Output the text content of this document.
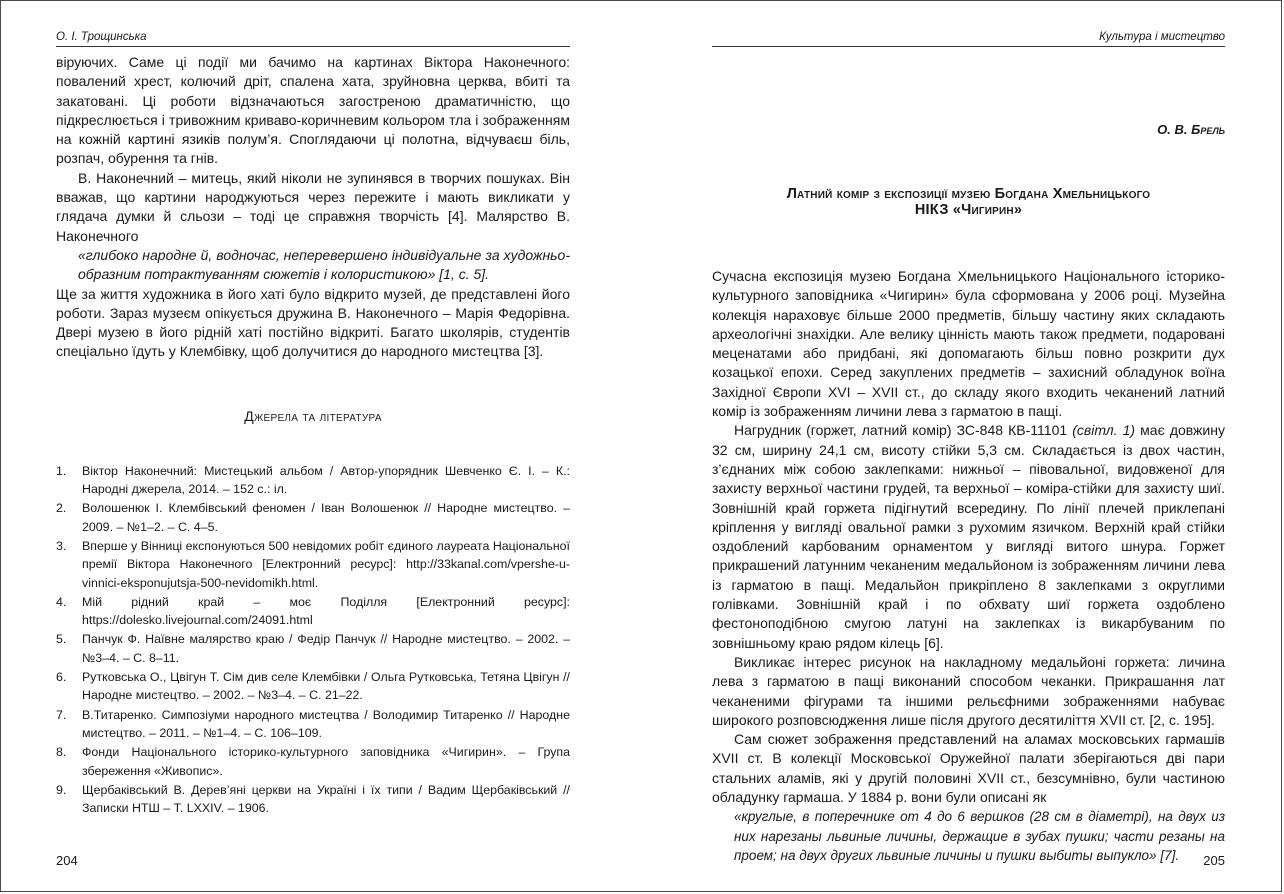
О. І. Трощинська

віруючих. Саме ці події ми бачимо на картинах Віктора Наконечного: повалений хрест, колючий дріт, спалена хата, зруйновна церква, вбиті та закатовані. Ці роботи відзначаються загостреною драматичністю, що підкреслюється і тривожним криваво-коричневим кольором тла і зображенням на кожній картині язиків полум’я. Споглядаючи ці полотна, відчуваєш біль, розпач, обурення та гнів.

В. Наконечний – митець, який ніколи не зупинявся в творчих пошуках. Він вважав, що картини народжуються через пережите і мають викликати у глядача думки й сльози – тоді це справжня творчість [4]. Малярство В. Наконечного

«глибоко народне й, водночас, неперевершено індивідуальне за художньо-образним потрактуванням сюжетів і колористикою» [1, с. 5].

Ще за життя художника в його хаті було відкрито музей, де представлені його роботи. Зараз музеєм опікується дружина В. Наконечного – Марія Федорівна. Двері музею в його рідній хаті постійно відкриті. Багато школярів, студентів спеціально їдуть у Клембівку, щоб долучитися до народного мистецтва [3].

Джерела та література
1.	Віктор Наконечний: Мистецький альбом / Автор-упорядник Шевченко Є. І. – К.: Народні джерела, 2014. – 152 с.: іл.
2.	Волошенюк І. Клембівський феномен / Іван Волошенюк // Народне мистецтво. – 2009. – №1–2. – С. 4–5.
3.	Вперше у Вінниці експонуються 500 невідомих робіт єдиного лауреата Національної премії Віктора Наконечного [Електронний ресурс]: http://33kanal.com/vpershe-u-vinnici-eksponujutsja-500-nevidomikh.html.
4.	Мій рідний край – моє Поділля [Електронний ресурс]: https://dolesko.livejournal.com/24091.html
5.	Панчук Ф. Наївне малярство краю / Федір Панчук // Народне мистецтво. – 2002. – №3–4. – С. 8–11.
6.	Рутковська О., Цвігун Т. Сім див селе Клембівки / Ольга Рутковська, Тетяна Цвігун // Народне мистецтво. – 2002. – №3–4. – С. 21–22.
7.	В.Титаренко. Симпозіуми народного мистецтва / Володимир Титаренко // Народне мистецтво. – 2011. – №1–4. – С. 106–109.
8.	Фонди Національного історико-культурного заповідника «Чигирин». – Група збереження «Живопис».
9.	Щербаківський В. Дерев’яні церкви на Україні і їх типи / Вадим Щербаківський // Записки НТШ – Т. LXXIV. – 1906.
204
Культура і мистецтво
О. В. Брель
Латний комір з експозиції музею Богдана Хмельницького
НІКЗ «Чигирин»

Сучасна експозиція музею Богдана Хмельницького Національного історико-культурного заповідника «Чигирин» була сформована у 2006 році. Музейна колекція нараховує більше 2000 предметів, більшу частину яких складають археологічні знахідки. Але велику цінність мають також предмети, подаровані меценатами або придбані, які допомагають більш повно розкрити дух козацької епохи. Серед закуплених предметів – захисний обладунок воїна Західної Європи XVI – XVII ст., до складу якого входить чеканений латний комір із зображенням личини лева з гарматою в пащі.

Нагрудник (горжет, латний комір) ЗС-848 КВ-11101 (світл. 1) має довжину 32 см, ширину 24,1 см, висоту стійки 5,3 см. Складається із двох частин, з’єднаних між собою заклепками: нижньої – півовальної, видовженої для захисту верхньої частини грудей, та верхньої – коміра-стійки для захисту шиї. Зовнішній край горжета підігнутий всередину. По лінії плечей приклепані кріплення у вигляді овальної рамки з рухомим язичком. Верхній край стійки оздоблений карбованим орнаментом у вигляді витого шнура. Горжет прикрашений латунним чеканеним медальйоном із зображенням личини лева із гарматою в пащі. Медальйон прикріплено 8 заклепками з округлими голівками. Зовнішній край і по обхвату шиї горжета оздоблено фестоноподібною смугою латуні на заклепках із викарбуваним по зовнішньому краю рядом кілець [6].

Викликає інтерес рисунок на накладному медальйоні горжета: личина лева з гарматою в пащі виконаний способом чеканки. Прикрашання лат чеканеними фігурами та іншими рельєфними зображеннями набуває широкого розповсюдження лише після другого десятиліття XVII ст. [2, с. 195].

Сам сюжет зображення представлений на аламах московських гармашів XVII ст. В колекції Московської Оружейної палати зберігаються дві пари стальних аламів, які у другій половині XVII ст., безсумнівно, були частиною обладунку гармаша. У 1884 р. вони були описані як

«круглые, в поперечнике от 4 до 6 вершков (28 см в діаметрі), на двух из них нарезаны львиные личины, держащие в зубах пушки; части резаны на проем; на двух других львиные личины и пушки выбиты выпукло» [7].	205
